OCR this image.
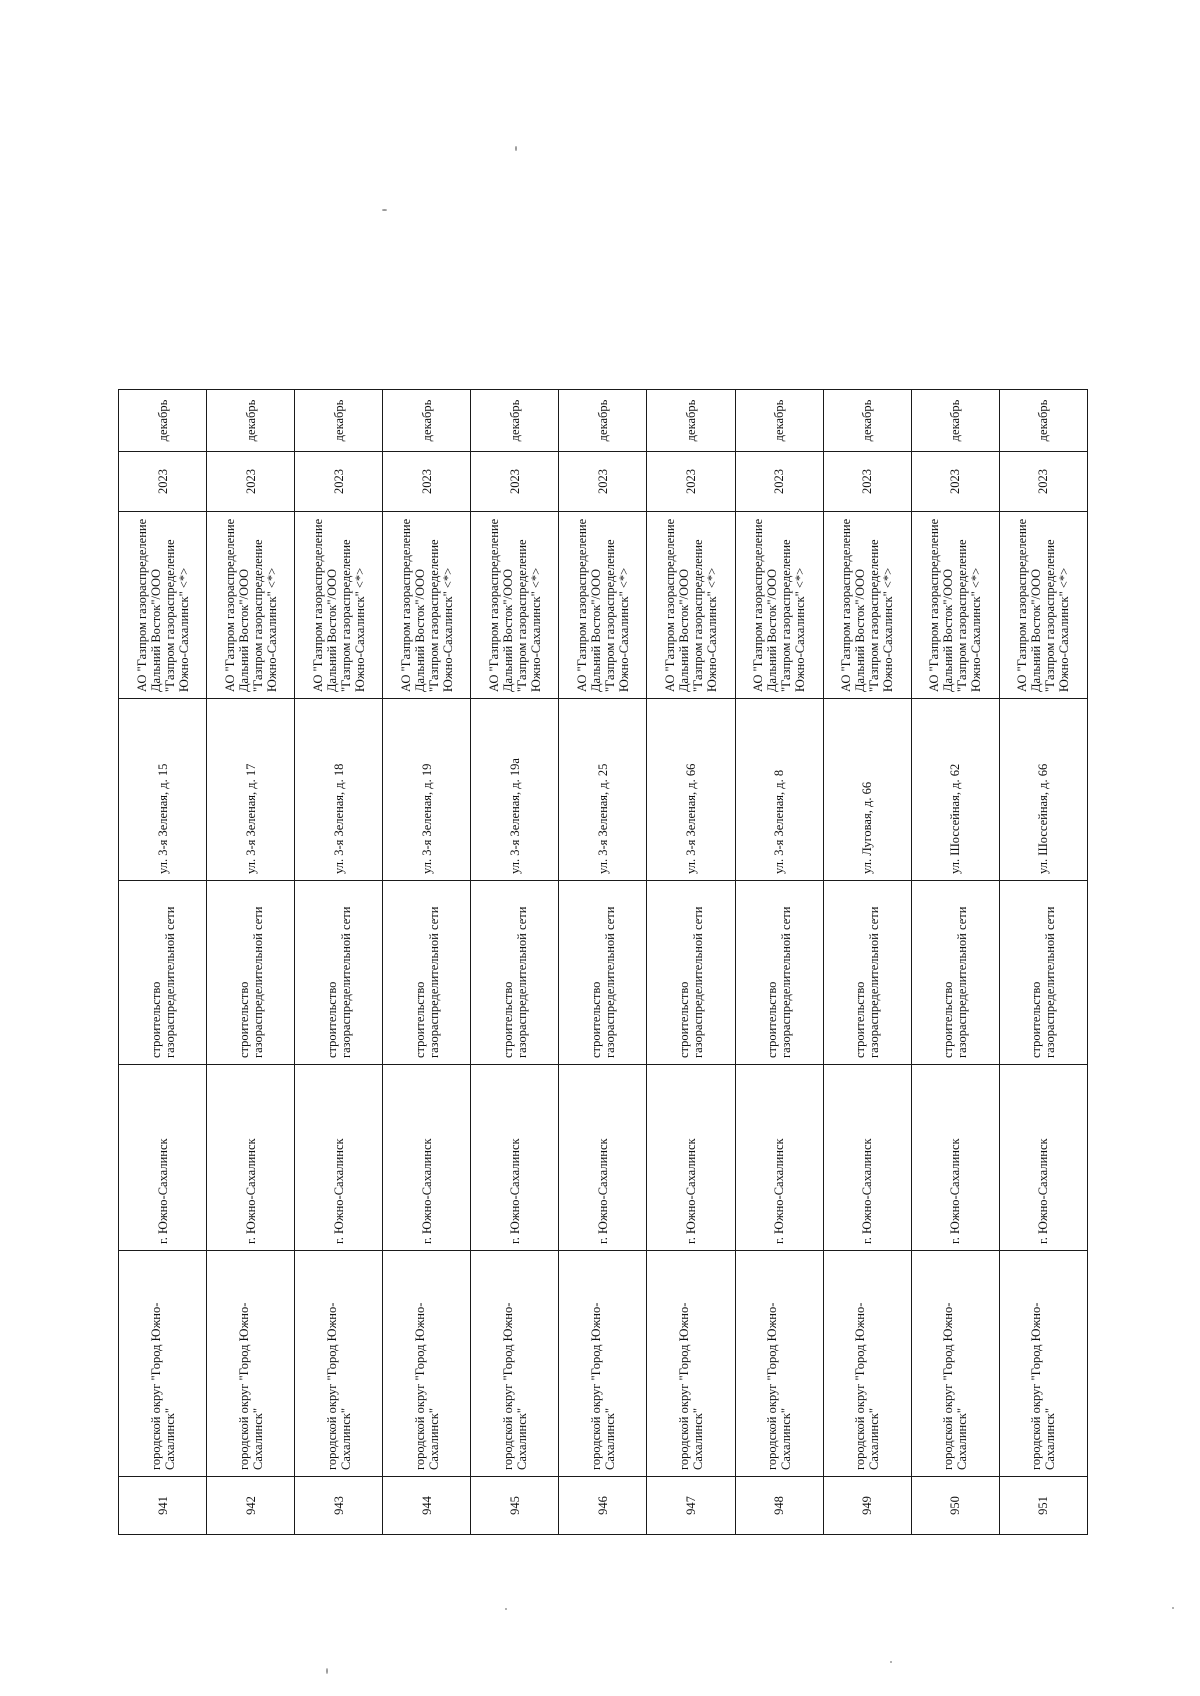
941	городской округ "Город Южно-Сахалинск"	г. Южно-Сахалинск	строительство газораспределительной сети	ул. 3-я Зеленая, д. 15	АО "Газпром газораспределение Дальний Восток"/ООО "Газпром газораспределение Южно-Сахалинск" <*>	2023	декабрь
942	городской округ "Город Южно-Сахалинск"	г. Южно-Сахалинск	строительство газораспределительной сети	ул. 3-я Зеленая, д. 17	АО "Газпром газораспределение Дальний Восток"/ООО "Газпром газораспределение Южно-Сахалинск" <*>	2023	декабрь
943	городской округ "Город Южно-Сахалинск"	г. Южно-Сахалинск	строительство газораспределительной сети	ул. 3-я Зеленая, д. 18	АО "Газпром газораспределение Дальний Восток"/ООО "Газпром газораспределение Южно-Сахалинск" <*>	2023	декабрь
944	городской округ "Город Южно-Сахалинск"	г. Южно-Сахалинск	строительство газораспределительной сети	ул. 3-я Зеленая, д. 19	АО "Газпром газораспределение Дальний Восток"/ООО "Газпром газораспределение Южно-Сахалинск" <*>	2023	декабрь
945	городской округ "Город Южно-Сахалинск"	г. Южно-Сахалинск	строительство газораспределительной сети	ул. 3-я Зеленая, д. 19а	АО "Газпром газораспределение Дальний Восток"/ООО "Газпром газораспределение Южно-Сахалинск" <*>	2023	декабрь
946	городской округ "Город Южно-Сахалинск"	г. Южно-Сахалинск	строительство газораспределительной сети	ул. 3-я Зеленая, д. 25	АО "Газпром газораспределение Дальний Восток"/ООО "Газпром газораспределение Южно-Сахалинск" <*>	2023	декабрь
947	городской округ "Город Южно-Сахалинск"	г. Южно-Сахалинск	строительство газораспределительной сети	ул. 3-я Зеленая, д. 66	АО "Газпром газораспределение Дальний Восток"/ООО "Газпром газораспределение Южно-Сахалинск" <*>	2023	декабрь
948	городской округ "Город Южно-Сахалинск"	г. Южно-Сахалинск	строительство газораспределительной сети	ул. 3-я Зеленая, д. 8	АО "Газпром газораспределение Дальний Восток"/ООО "Газпром газораспределение Южно-Сахалинск" <*>	2023	декабрь
949	городской округ "Город Южно-Сахалинск"	г. Южно-Сахалинск	строительство газораспределительной сети	ул. Луговая, д. 66	АО "Газпром газораспределение Дальний Восток"/ООО "Газпром газораспределение Южно-Сахалинск" <*>	2023	декабрь
950	городской округ "Город Южно-Сахалинск"	г. Южно-Сахалинск	строительство газораспределительной сети	ул. Шоссейная, д. 62	АО "Газпром газораспределение Дальний Восток"/ООО "Газпром газораспределение Южно-Сахалинск" <*>	2023	декабрь
951	городской округ "Город Южно-Сахалинск"	г. Южно-Сахалинск	строительство газораспределительной сети	ул. Шоссейная, д. 66	АО "Газпром газораспределение Дальний Восток"/ООО "Газпром газораспределение Южно-Сахалинск" <*>	2023	декабрь
